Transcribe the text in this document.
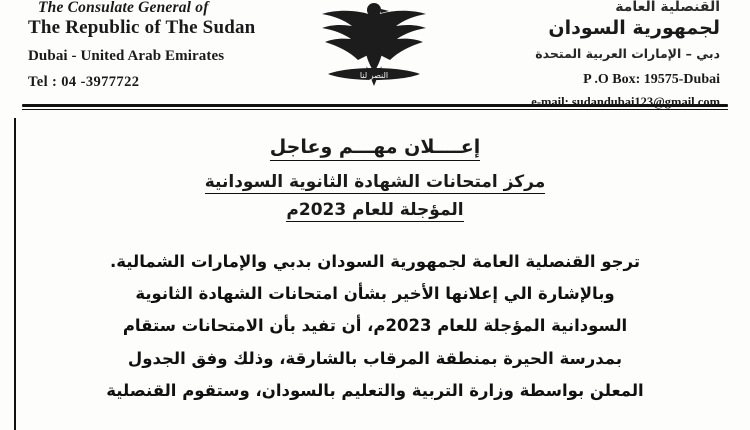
The Consulate General of
The Republic of The Sudan
Dubai - United Arab Emirates
Tel : 04 -3977722	النصر لنا
القنصلية العامة
لجمهورية السودان
دبي – الإمارات العربية المتحدة
P .O Box: 19575-Dubai
e-mail: sudandubai123@gmail.com
إعــــلان مهـــم وعاجل
مركز امتحانات الشهادة الثانوية السودانية
المؤجلة للعام 2023م

ترجو القنصلية العامة لجمهورية السودان بدبي والإمارات الشمالية.

وبالإشارة الي إعلانها الأخير بشأن امتحانات الشهادة الثانوية

السودانية المؤجلة للعام 2023م، أن تفيد بأن الامتحانات ستقام

بمدرسة الحيرة بمنطقة المرقاب بالشارقة، وذلك وفق الجدول

المعلن بواسطة وزارة التربية والتعليم بالسودان، وستقوم القنصلية
